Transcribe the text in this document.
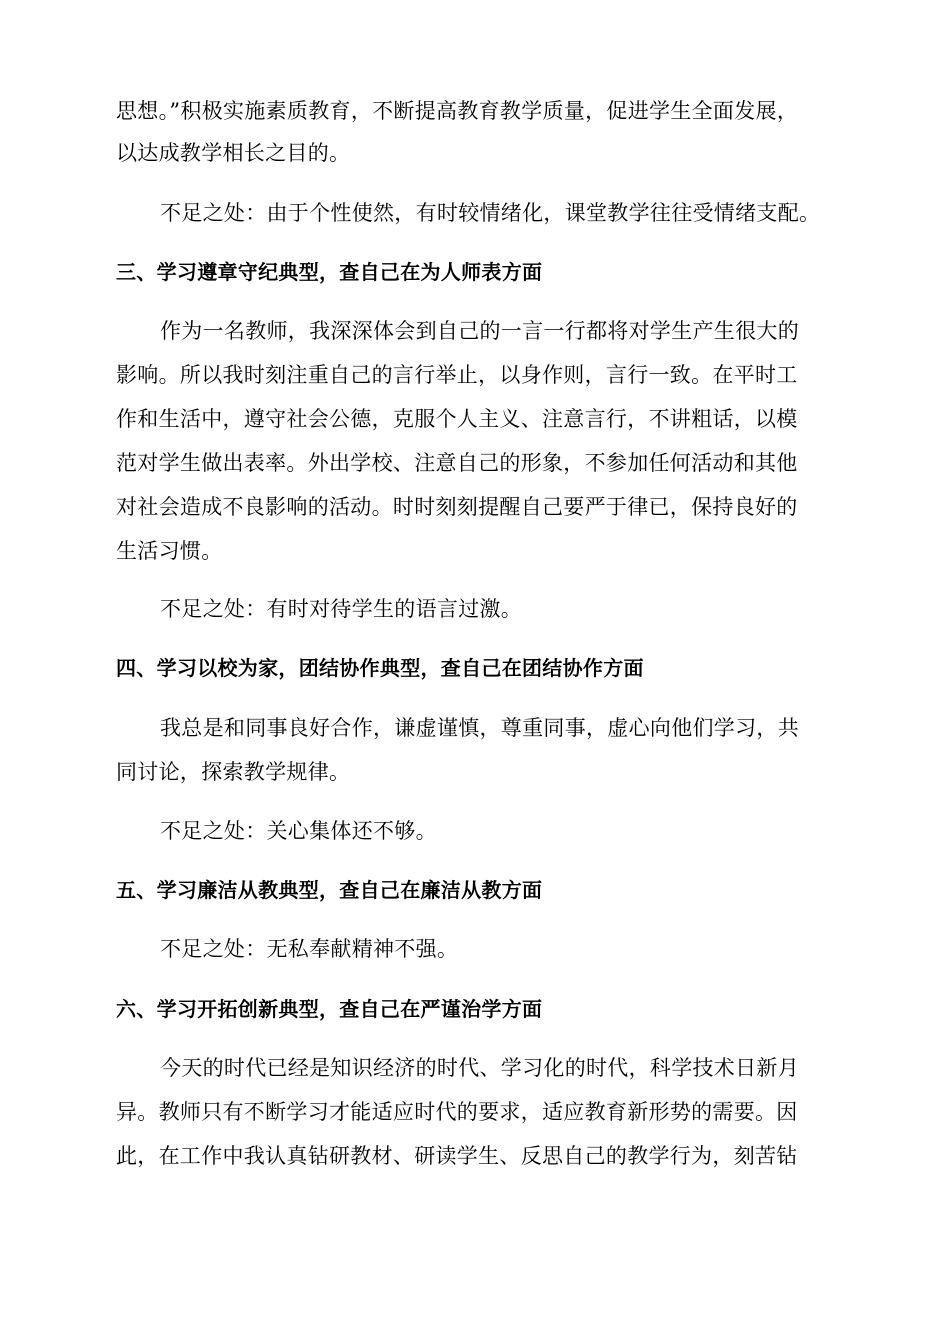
思想。”积极实施素质教育，不断提高教育教学质量，促进学生全面发展，
以达成教学相长之目的。
不足之处：由于个性使然，有时较情绪化，课堂教学往往受情绪支配。
三、学习遵章守纪典型，查自己在为人师表方面
作为一名教师，我深深体会到自己的一言一行都将对学生产生很大的
影响。所以我时刻注重自己的言行举止，以身作则，言行一致。在平时工
作和生活中，遵守社会公德，克服个人主义、注意言行，不讲粗话，以模
范对学生做出表率。外出学校、注意自己的形象，不参加任何活动和其他
对社会造成不良影响的活动。时时刻刻提醒自己要严于律已，保持良好的
生活习惯。
不足之处：有时对待学生的语言过激。
四、学习以校为家，团结协作典型，查自己在团结协作方面
我总是和同事良好合作，谦虚谨慎，尊重同事，虚心向他们学习，共
同讨论，探索教学规律。
不足之处：关心集体还不够。
五、学习廉洁从教典型，查自己在廉洁从教方面
不足之处：无私奉献精神不强。
六、学习开拓创新典型，查自己在严谨治学方面
今天的时代已经是知识经济的时代、学习化的时代，科学技术日新月
异。教师只有不断学习才能适应时代的要求，适应教育新形势的需要。因
此，在工作中我认真钻研教材、研读学生、反思自己的教学行为，刻苦钻
